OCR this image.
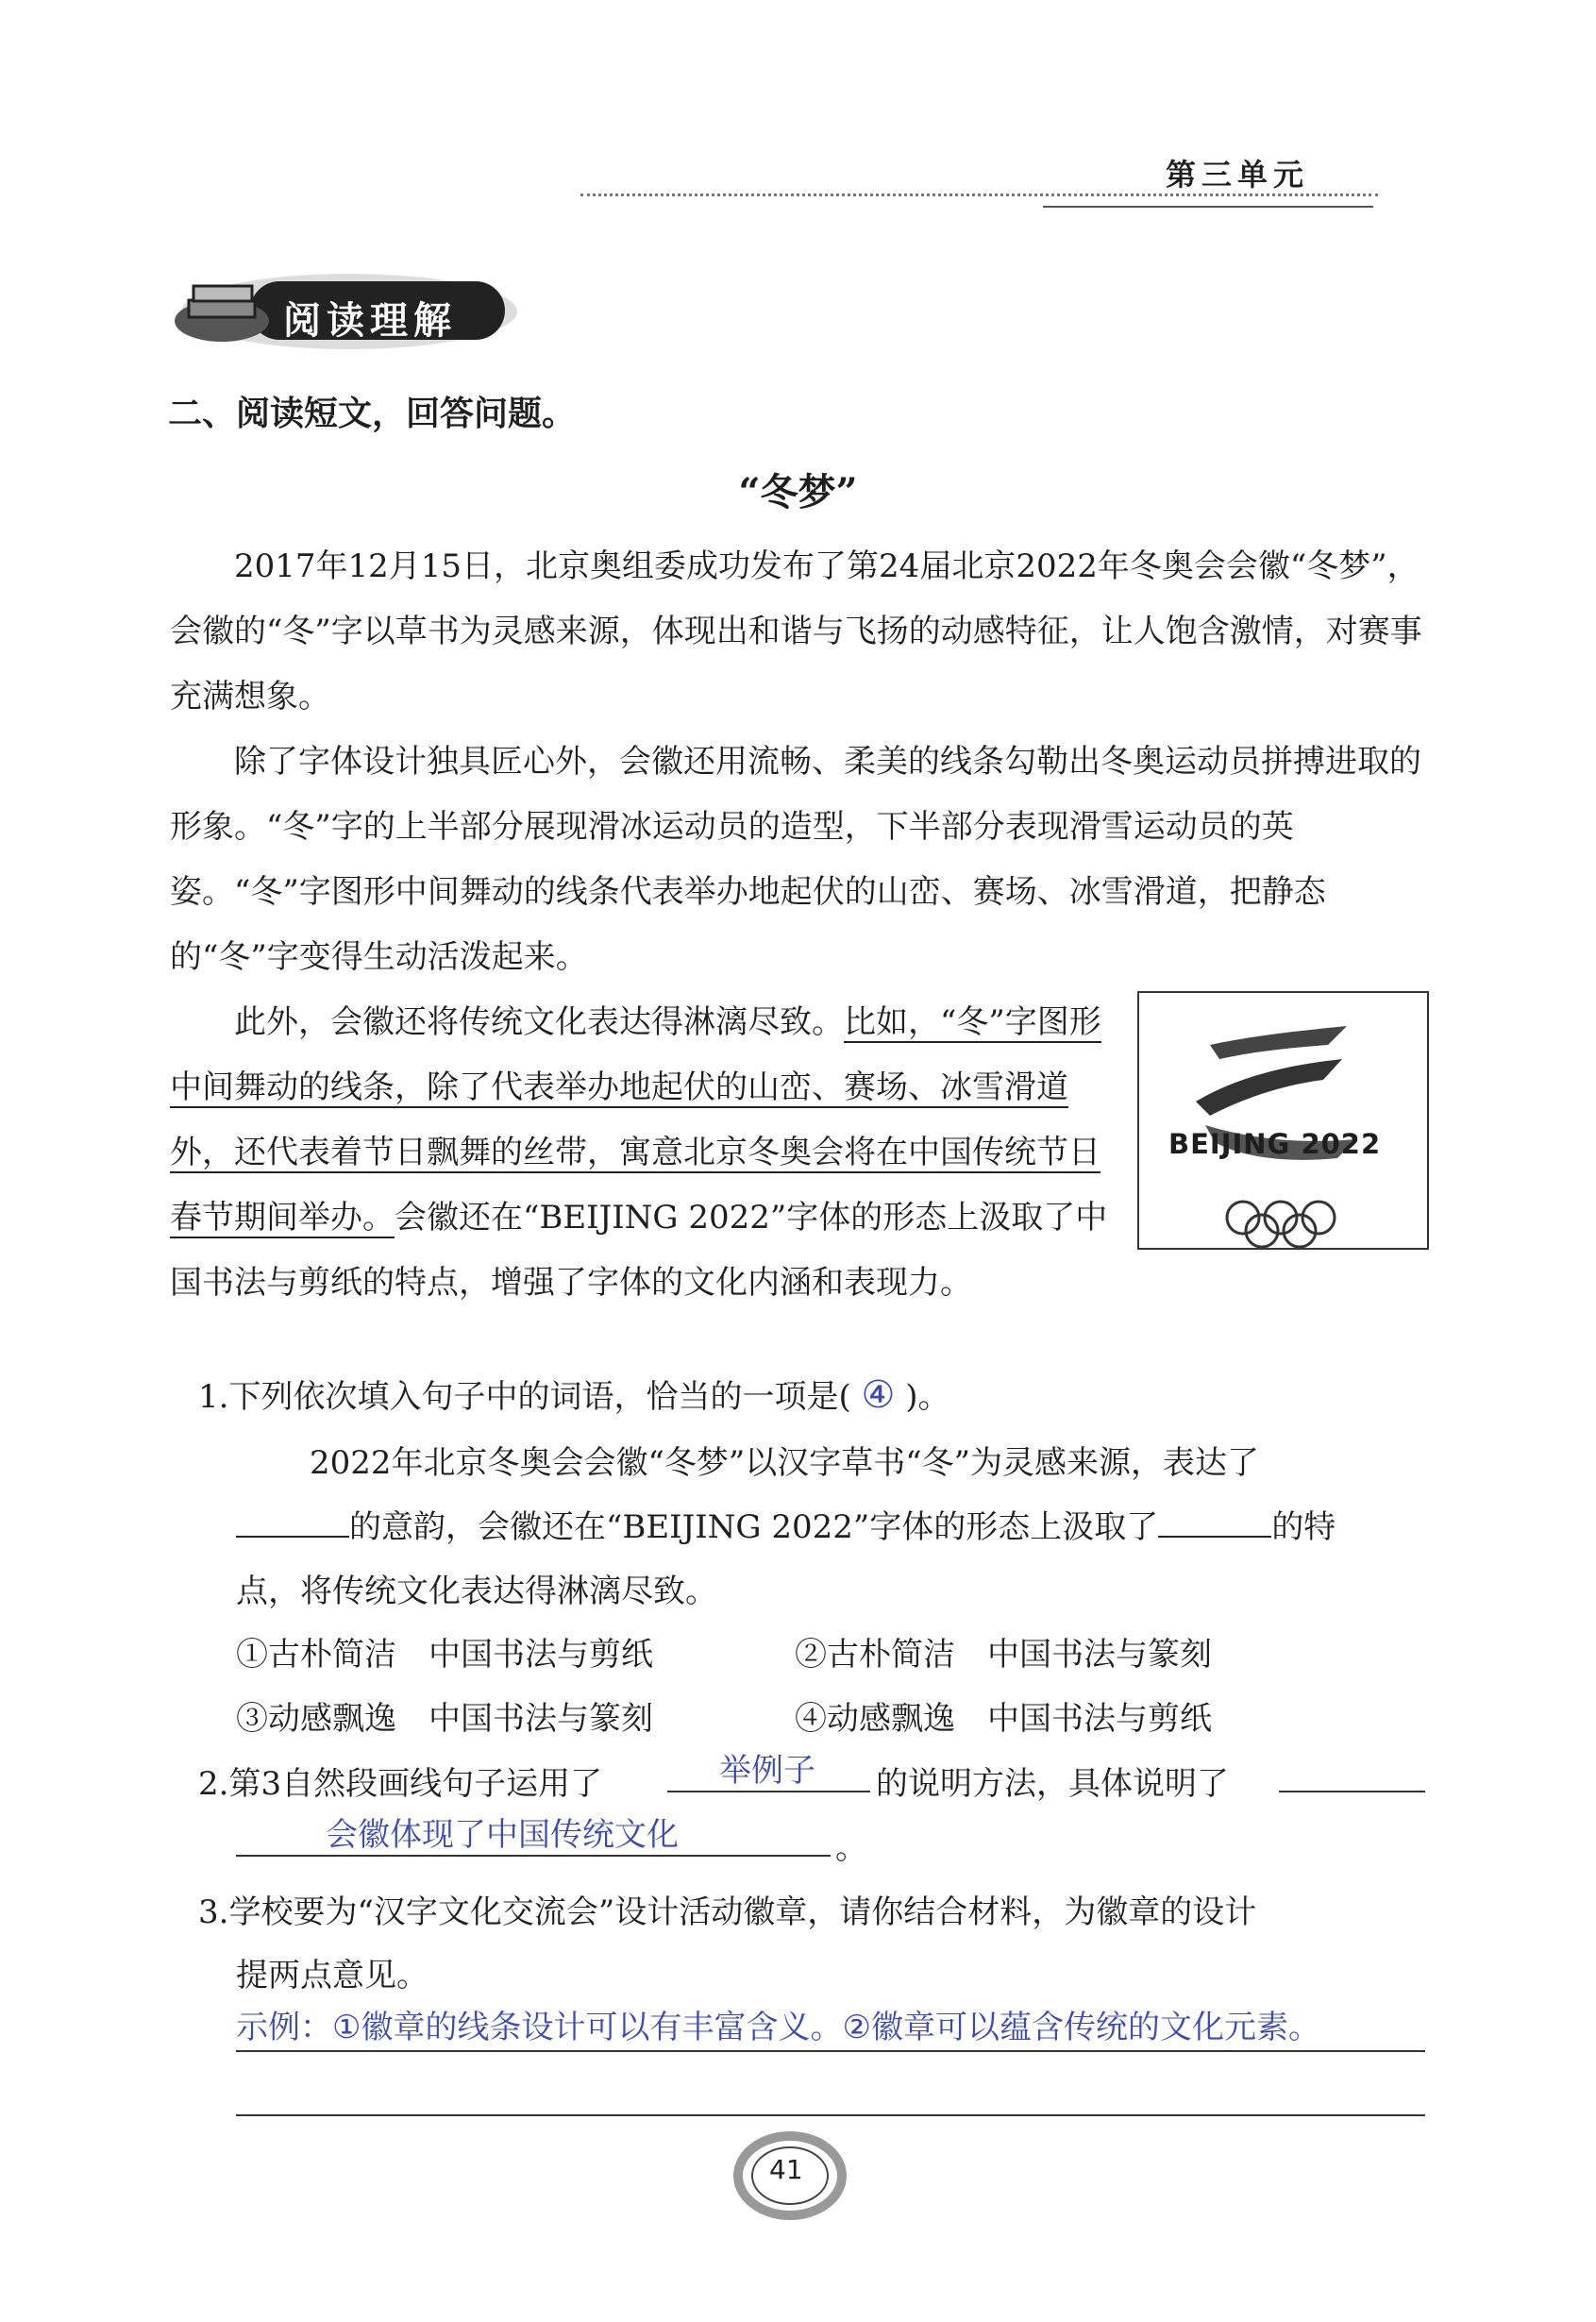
第三单元
阅读理解
二、阅读短文，回答问题。
“冬梦”
2017年12月15日，北京奥组委成功发布了第24届北京2022年冬奥会会徽“冬梦”，会徽的“冬”字以草书为灵感来源，体现出和谐与飞扬的动感特征，让人饱含激情，对赛事充满想象。
除了字体设计独具匠心外，会徽还用流畅、柔美的线条勾勒出冬奥运动员拼搏进取的形象。“冬”字的上半部分展现滑冰运动员的造型，下半部分表现滑雪运动员的英姿。“冬”字图形中间舞动的线条代表举办地起伏的山峦、赛场、冰雪滑道，把静态的“冬”字变得生动活泼起来。
此外，会徽还将传统文化表达得淋漓尽致。比如，“冬”字图形中间舞动的线条，除了代表举办地起伏的山峦、赛场、冰雪滑道外，还代表着节日飘舞的丝带，寓意北京冬奥会将在中国传统节日春节期间举办。会徽还在“BEIJING 2022”字体的形态上汲取了中国书法与剪纸的特点，增强了字体的文化内涵和表现力。
BEIJING 2022
1.下列依次填入句子中的词语，恰当的一项是( ④ )。
2022年北京冬奥会会徽“冬梦”以汉字草书“冬”为灵感来源，表达了
的意韵，会徽还在“BEIJING 2022”字体的形态上汲取了	的特
点，将传统文化表达得淋漓尽致。
①古朴简洁　中国书法与剪纸	②古朴简洁　中国书法与篆刻
③动感飘逸　中国书法与篆刻	④动感飘逸　中国书法与剪纸
2.第3自然段画线句子运用了	举例子 的说明方法，具体说明了
会徽体现了中国传统文化	。
3.学校要为“汉字文化交流会”设计活动徽章，请你结合材料，为徽章的设计
提两点意见。
示例：①徽章的线条设计可以有丰富含义。②徽章可以蕴含传统的文化元素。
41
